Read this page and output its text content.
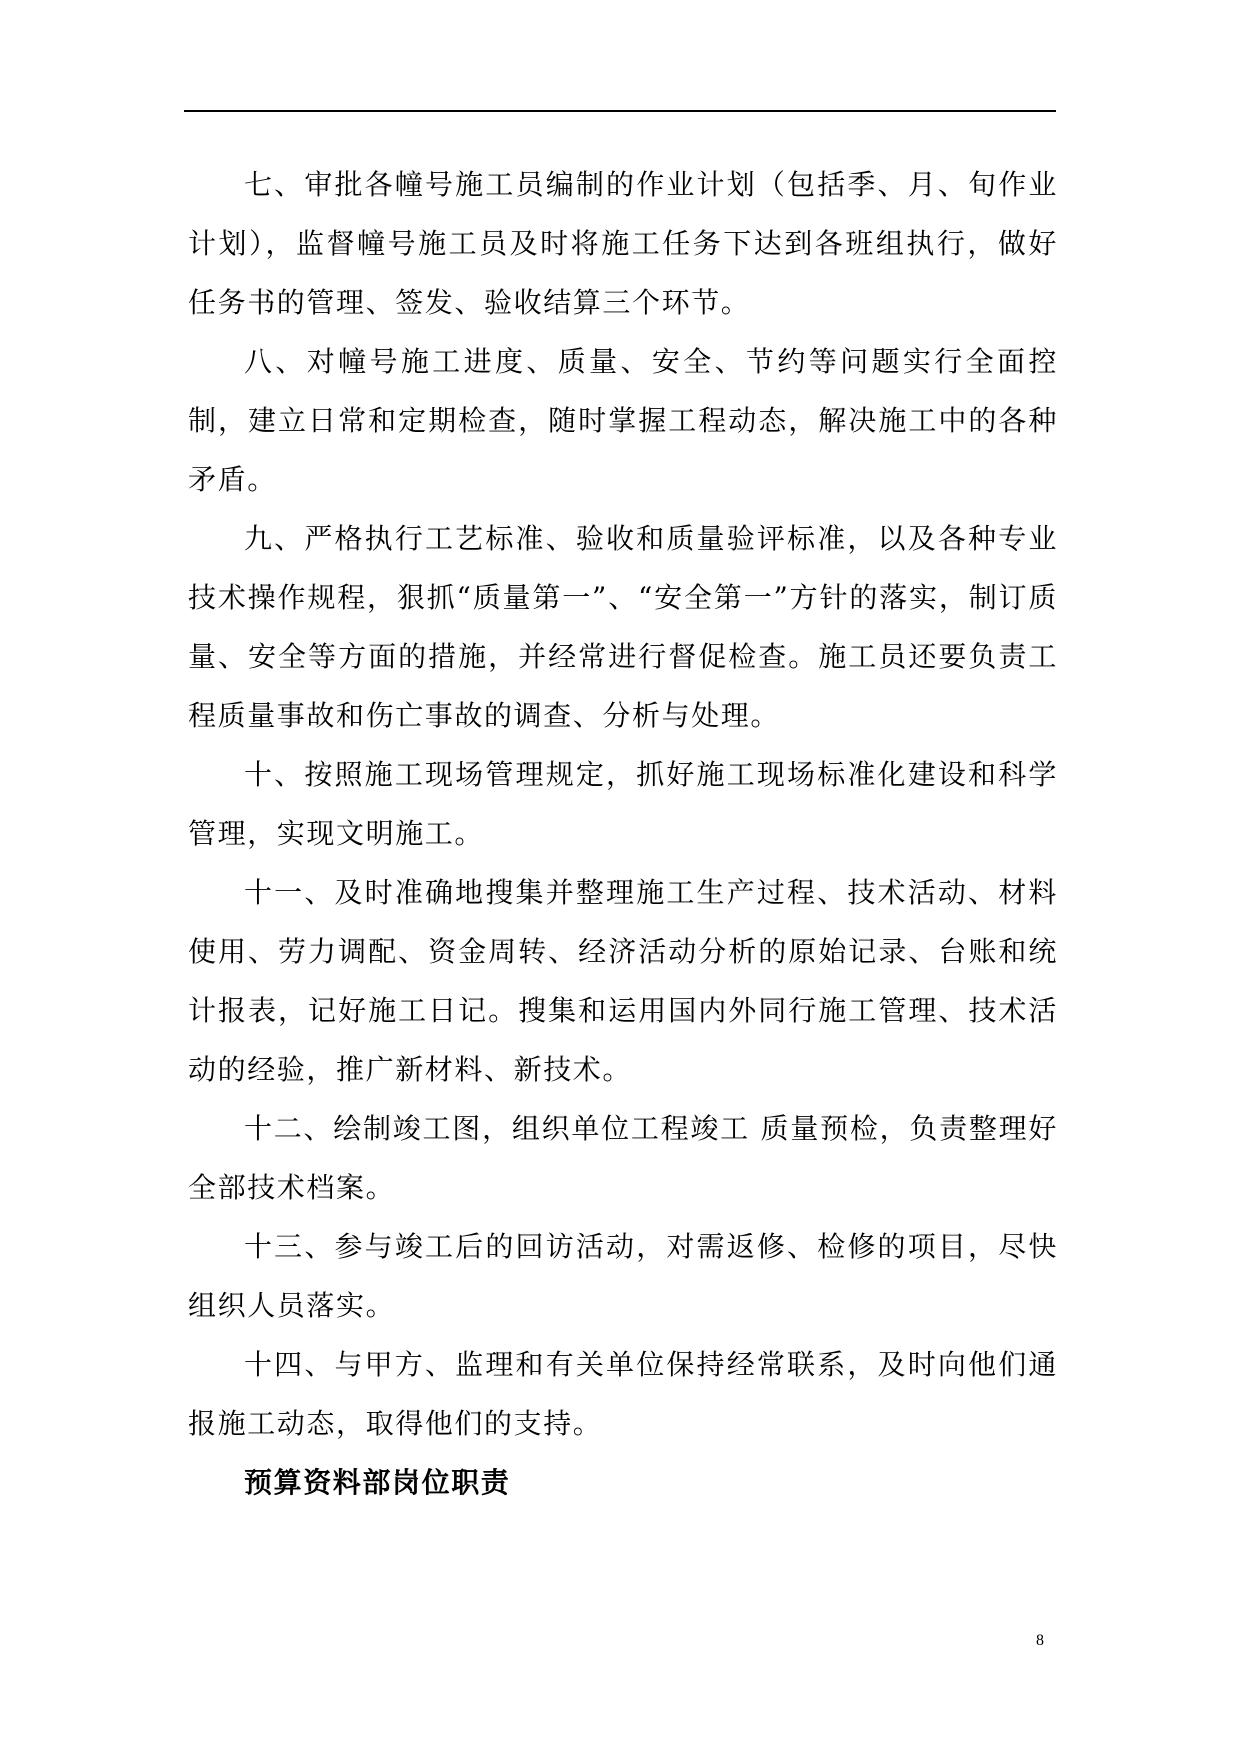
七、审批各幢号施工员编制的作业计划（包括季、月、旬作业计划），监督幢号施工员及时将施工任务下达到各班组执行，做好任务书的管理、签发、验收结算三个环节。

八、对幢号施工进度、质量、安全、节约等问题实行全面控制，建立日常和定期检查，随时掌握工程动态，解决施工中的各种矛盾。

九、严格执行工艺标准、验收和质量验评标准，以及各种专业技术操作规程，狠抓“质量第一”、“安全第一”方针的落实，制订质量、安全等方面的措施，并经常进行督促检查。施工员还要负责工程质量事故和伤亡事故的调查、分析与处理。

十、按照施工现场管理规定，抓好施工现场标准化建设和科学管理，实现文明施工。

十一、及时准确地搜集并整理施工生产过程、技术活动、材料使用、劳力调配、资金周转、经济活动分析的原始记录、台账和统计报表，记好施工日记。搜集和运用国内外同行施工管理、技术活动的经验，推广新材料、新技术。

十二、绘制竣工图，组织单位工程竣工 质量预检，负责整理好全部技术档案。

十三、参与竣工后的回访活动，对需返修、检修的项目，尽快组织人员落实。

十四、与甲方、监理和有关单位保持经常联系，及时向他们通报施工动态，取得他们的支持。

预算资料部岗位职责

8
